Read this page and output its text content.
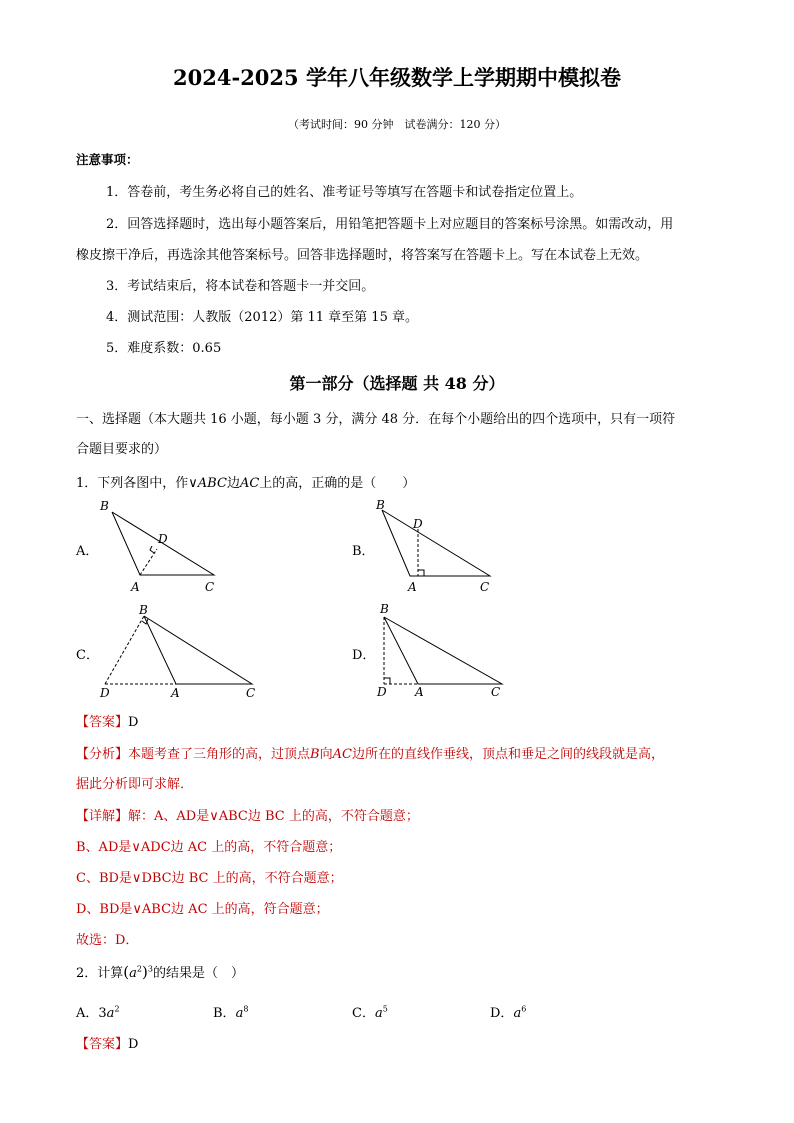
2024-2025 学年八年级数学上学期期中模拟卷
（考试时间：90 分钟　试卷满分：120 分）
注意事项：
1．答卷前，考生务必将自己的姓名、准考证号等填写在答题卡和试卷指定位置上。
2．回答选择题时，选出每小题答案后，用铅笔把答题卡上对应题目的答案标号涂黑。如需改动，用
橡皮擦干净后，再选涂其他答案标号。回答非选择题时，将答案写在答题卡上。写在本试卷上无效。
3．考试结束后，将本试卷和答题卡一并交回。
4．测试范围：人教版（2012）第 11 章至第 15 章。
5．难度系数：0.65
第一部分（选择题 共 48 分）
一、选择题（本大题共 16 小题，每小题 3 分，满分 48 分．在每个小题给出的四个选项中，只有一项符
合题目要求的）
1．下列各图中，作∨ABC边AC上的高，正确的是（　　）
A．	B．
C．	D．
B
D
A	C
B
D
A	C
B
D	A	C
B
D A	C
【答案】D
【分析】本题考查了三角形的高，过顶点B向AC边所在的直线作垂线，顶点和垂足之间的线段就是高，
据此分析即可求解．
【详解】解：A、AD是∨ABC边 BC 上的高，不符合题意；
B、AD是∨ADC边 AC 上的高，不符合题意；
C、BD是∨DBC边 BC 上的高，不符合题意；
D、BD是∨ABC边 AC 上的高，符合题意；
故选：D．
2．计算$(a^2)^3$的结果是（　）
A．$3a^2$	B．$a^8$	C．$a^5$	D．$a^6$
【答案】D
